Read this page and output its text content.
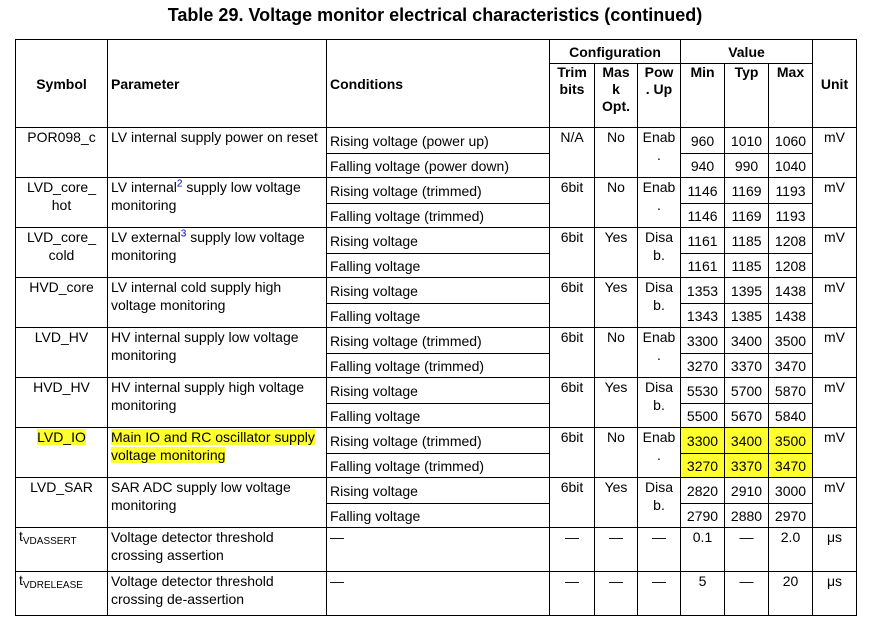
Table 29. Voltage monitor electrical characteristics (continued)
Symbol	Parameter	Conditions	Configuration			Value			Unit
			Trim bits	Mas k Opt.	Pow . Up	Min	Typ	Max	
POR098_c	LV internal supply power on reset	Rising voltage (power up)	N/A	No	Enab .	960	1010	1060	mV
		Falling voltage (power down)				940	990	1040	
LVD_core_ hot	LV internal$^2$ supply low voltage monitoring	Rising voltage (trimmed)	6bit	No	Enab .	1146	1169	1193	mV
		Falling voltage (trimmed)				1146	1169	1193	
LVD_core_ cold	LV external$^3$ supply low voltage monitoring	Rising voltage	6bit	Yes	Disa b.	1161	1185	1208	mV
		Falling voltage				1161	1185	1208	
HVD_core	LV internal cold supply high voltage monitoring	Rising voltage	6bit	Yes	Disa b.	1353	1395	1438	mV
		Falling voltage				1343	1385	1438	
LVD_HV	HV internal supply low voltage monitoring	Rising voltage (trimmed)	6bit	No	Enab .	3300	3400	3500	mV
		Falling voltage (trimmed)				3270	3370	3470	
HVD_HV	HV internal supply high voltage monitoring	Rising voltage	6bit	Yes	Disa b.	5530	5700	5870	mV
		Falling voltage				5500	5670	5840	
LVD_IO	Main IO and RC oscillator supply voltage monitoring	Rising voltage (trimmed)	6bit	No	Enab .	3300	3400	3500	mV
		Falling voltage (trimmed)				3270	3370	3470	
LVD_SAR	SAR ADC supply low voltage monitoring	Rising voltage	6bit	Yes	Disa b.	2820	2910	3000	mV
		Falling voltage				2790	2880	2970	
$t_{VDASSERT}$	Voltage detector threshold crossing assertion	—	—	—	—	0.1	—	2.0	μs
$t_{VDRELEASE}$	Voltage detector threshold crossing de-assertion	—	—	—	—	5	—	20	μs
